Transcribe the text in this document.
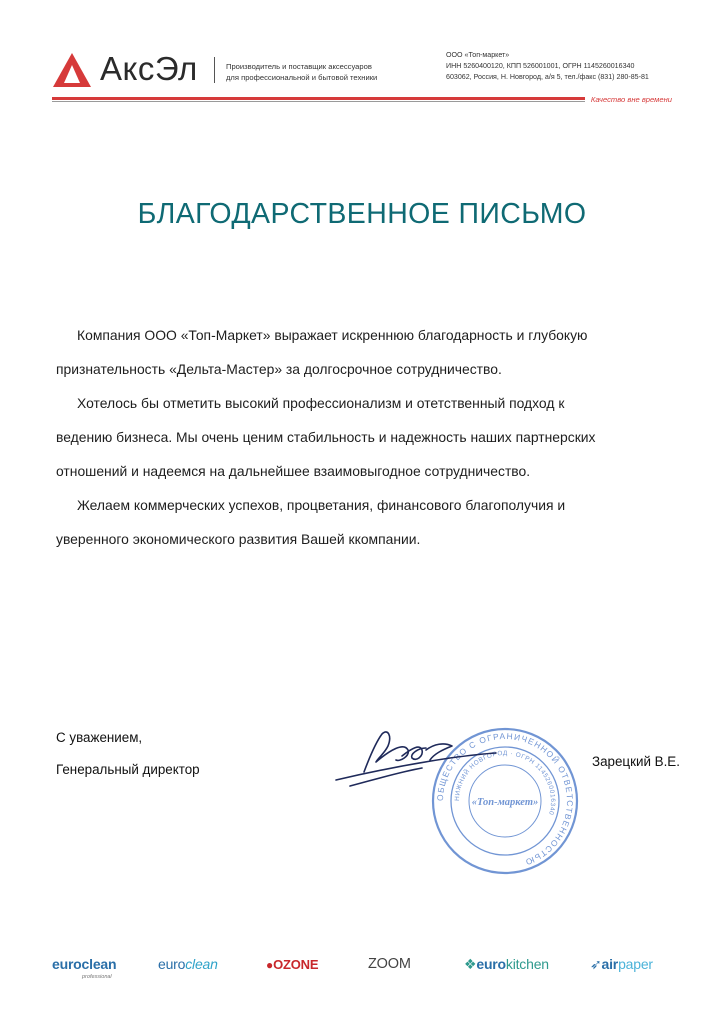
АксЭл	Производитель и поставщик аксессуаров
для профессиональной и бытовой техники
ООО «Топ-маркет»
ИНН 5260400120, КПП 526001001, ОГРН 1145260016340
603062, Россия, Н. Новгород, а/я 5, тел./факс (831) 280-85-81
Качество вне времени
БЛАГОДАРСТВЕННОЕ ПИСЬМО
Компания ООО «Топ-Маркет» выражает искреннюю благодарность и глубокую
признательность «Дельта-Мастер» за долгосрочное сотрудничество.
Хотелось бы отметить высокий профессионализм и отетственный подход к
ведению бизнеса. Мы очень ценим стабильность и надежность наших партнерских
отношений и надеемся на дальнейшее взаимовыгодное сотрудничество.
Желаем коммерческих успехов, процветания, финансового благополучия и
уверенного экономического развития Вашей ккомпании.
С уважением,
Генеральный директор
ОБЩЕСТВО С ОГРАНИЧЕННОЙ ОТВЕТСТВЕННОСТЬЮ
НИЖНИЙ НОВГОРОД · ОГРН 1145260016340
«Топ-маркет»
Зарецкий В.Е.
euroclean
professional
euroclean	●OZONE	ZOOM	❖eurokitchen	➶airpaper
